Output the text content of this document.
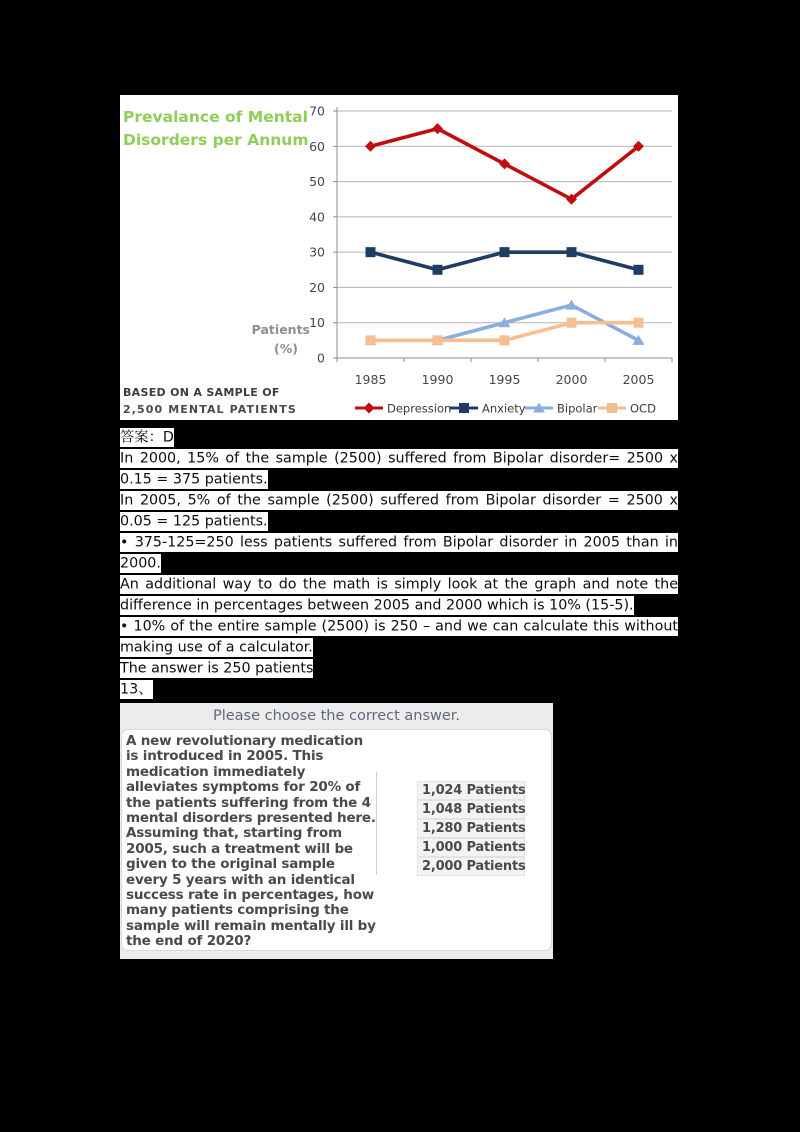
Prevalance of Mental
Disorders per Annum
0
10
20
30
40
50
60
70
1985	1990	1995	2000	2005
Patients
(%)
BASED ON A SAMPLE OF
2,500 MENTAL PATIENTS	Depression	Anxiety	Bipolar	OCD

答案：D

In 2000, 15% of the sample (2500) suffered from Bipolar disorder= 2500 x 0.15 = 375 patients.

In 2005, 5% of the sample (2500) suffered from Bipolar disorder = 2500 x 0.05 = 125 patients.

• 375-125=250 less patients suffered from Bipolar disorder in 2005 than in 2000.

An additional way to do the math is simply look at the graph and note the difference in percentages between 2005 and 2000 which is 10% (15-5).

• 10% of the entire sample (2500) is 250 – and we can calculate this without making use of a calculator.

The answer is 250 patients

13、

Please choose the correct answer.
A new revolutionary medication is introduced in 2005. This medication immediately alleviates symptoms for 20% of the patients suffering from the 4 mental disorders presented here. Assuming that, starting from 2005, such a treatment will be given to the original sample every 5 years with an identical success rate in percentages, how many patients comprising the sample will remain mentally ill by the end of 2020?
1,024 Patients
1,048 Patients
1,280 Patients
1,000 Patients
2,000 Patients
